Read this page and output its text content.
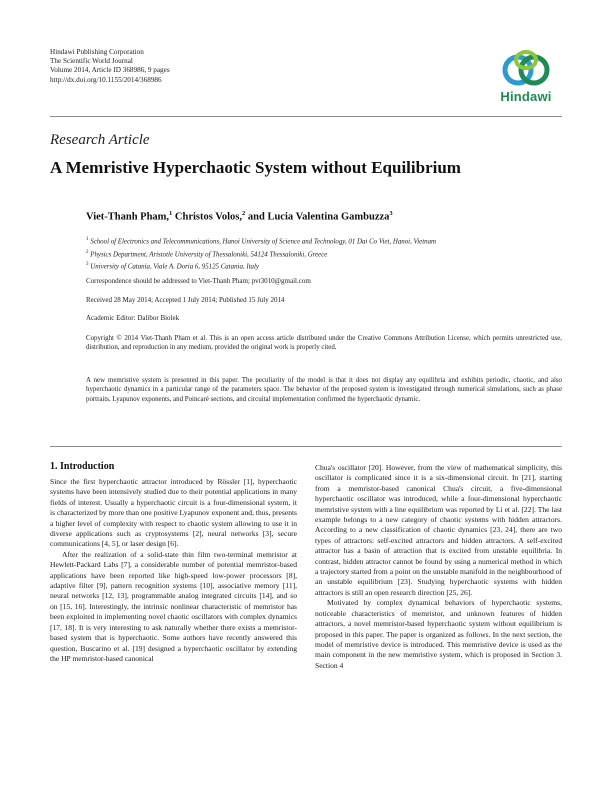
Hindawi Publishing Corporation
The Scientific World Journal
Volume 2014, Article ID 368986, 9 pages
http://dx.doi.org/10.1155/2014/368986
Hindawi
Research Article
A Memristive Hyperchaotic System without Equilibrium
Viet-Thanh Pham,$^1$ Christos Volos,$^2$ and Lucia Valentina Gambuzza$^3$
$^1$ School of Electronics and Telecommunications, Hanoi University of Science and Technology, 01 Dai Co Viet, Hanoi, Vietnam
$^2$ Physics Department, Aristotle University of Thessaloniki, 54124 Thessaloniki, Greece
$^3$ University of Catania, Viale A. Doria 6, 95125 Catania, Italy
Correspondence should be addressed to Viet-Thanh Pham; pvt3010@gmail.com
Received 28 May 2014; Accepted 1 July 2014; Published 15 July 2014
Academic Editor: Dalibor Biolek
Copyright © 2014 Viet-Thanh Pham et al. This is an open access article distributed under the Creative Commons Attribution License, which permits unrestricted use, distribution, and reproduction in any medium, provided the original work is properly cited.
A new memristive system is presented in this paper. The peculiarity of the model is that it does not display any equilibria and exhibits periodic, chaotic, and also hyperchaotic dynamics in a particular range of the parameters space. The behavior of the proposed system is investigated through numerical simulations, such as phase portraits, Lyapunov exponents, and Poincaré sections, and circuital implementation confirmed the hyperchaotic dynamic.
1. Introduction

Since the first hyperchaotic attractor introduced by Rössler [1], hyperchaotic systems have been intensively studied due to their potential applications in many fields of interest. Usually a hyperchaotic circuit is a four-dimensional system, it is characterized by more than one positive Lyapunov exponent and, thus, presents a higher level of complexity with respect to chaotic system allowing to use it in diverse applications such as cryptosystems [2], neural networks [3], secure communications [4, 5], or laser design [6].

After the realization of a solid-state thin film two-terminal memristor at Hewlett-Packard Labs [7], a considerable number of potential memristor-based applications have been reported like high-speed low-power processors [8], adaptive filter [9], pattern recognition systems [10], associative memory [11], neural networks [12, 13], programmable analog integrated circuits [14], and so on [15, 16]. Interestingly, the intrinsic nonlinear characteristic of memristor has been exploited in implementing novel chaotic oscillators with complex dynamics [17, 18]. It is very interesting to ask naturally whether there exists a memristor-based system that is hyperchaotic. Some authors have recently answered this question, Buscarino et al. [19] designed a hyperchaotic oscillator by extending the HP memristor-based canonical

Chua's oscillator [20]. However, from the view of mathematical simplicity, this oscillator is complicated since it is a six-dimensional circuit. In [21], starting from a memristor-based canonical Chua's circuit, a five-dimensional hyperchaotic oscillator was introduced, while a four-dimensional hyperchaotic memristive system with a line equilibrium was reported by Li et al. [22]. The last example belongs to a new category of chaotic systems with hidden attractors. According to a new classification of chaotic dynamics [23, 24], there are two types of attractors: self-excited attractors and hidden attractors. A self-excited attractor has a basin of attraction that is excited from unstable equilibria. In contrast, hidden attractor cannot be found by using a numerical method in which a trajectory started from a point on the unstable manifold in the neighbourhood of an unstable equilibrium [23]. Studying hyperchaotic systems with hidden attractors is still an open research direction [25, 26].

Motivated by complex dynamical behaviors of hyperchaotic systems, noticeable characteristics of memristor, and unknown features of hidden attractors, a novel memristor-based hyperchaotic system without equilibrium is proposed in this paper. The paper is organized as follows. In the next section, the model of memristive device is introduced. This memristive device is used as the main component in the new memristive system, which is proposed in Section 3. Section 4
